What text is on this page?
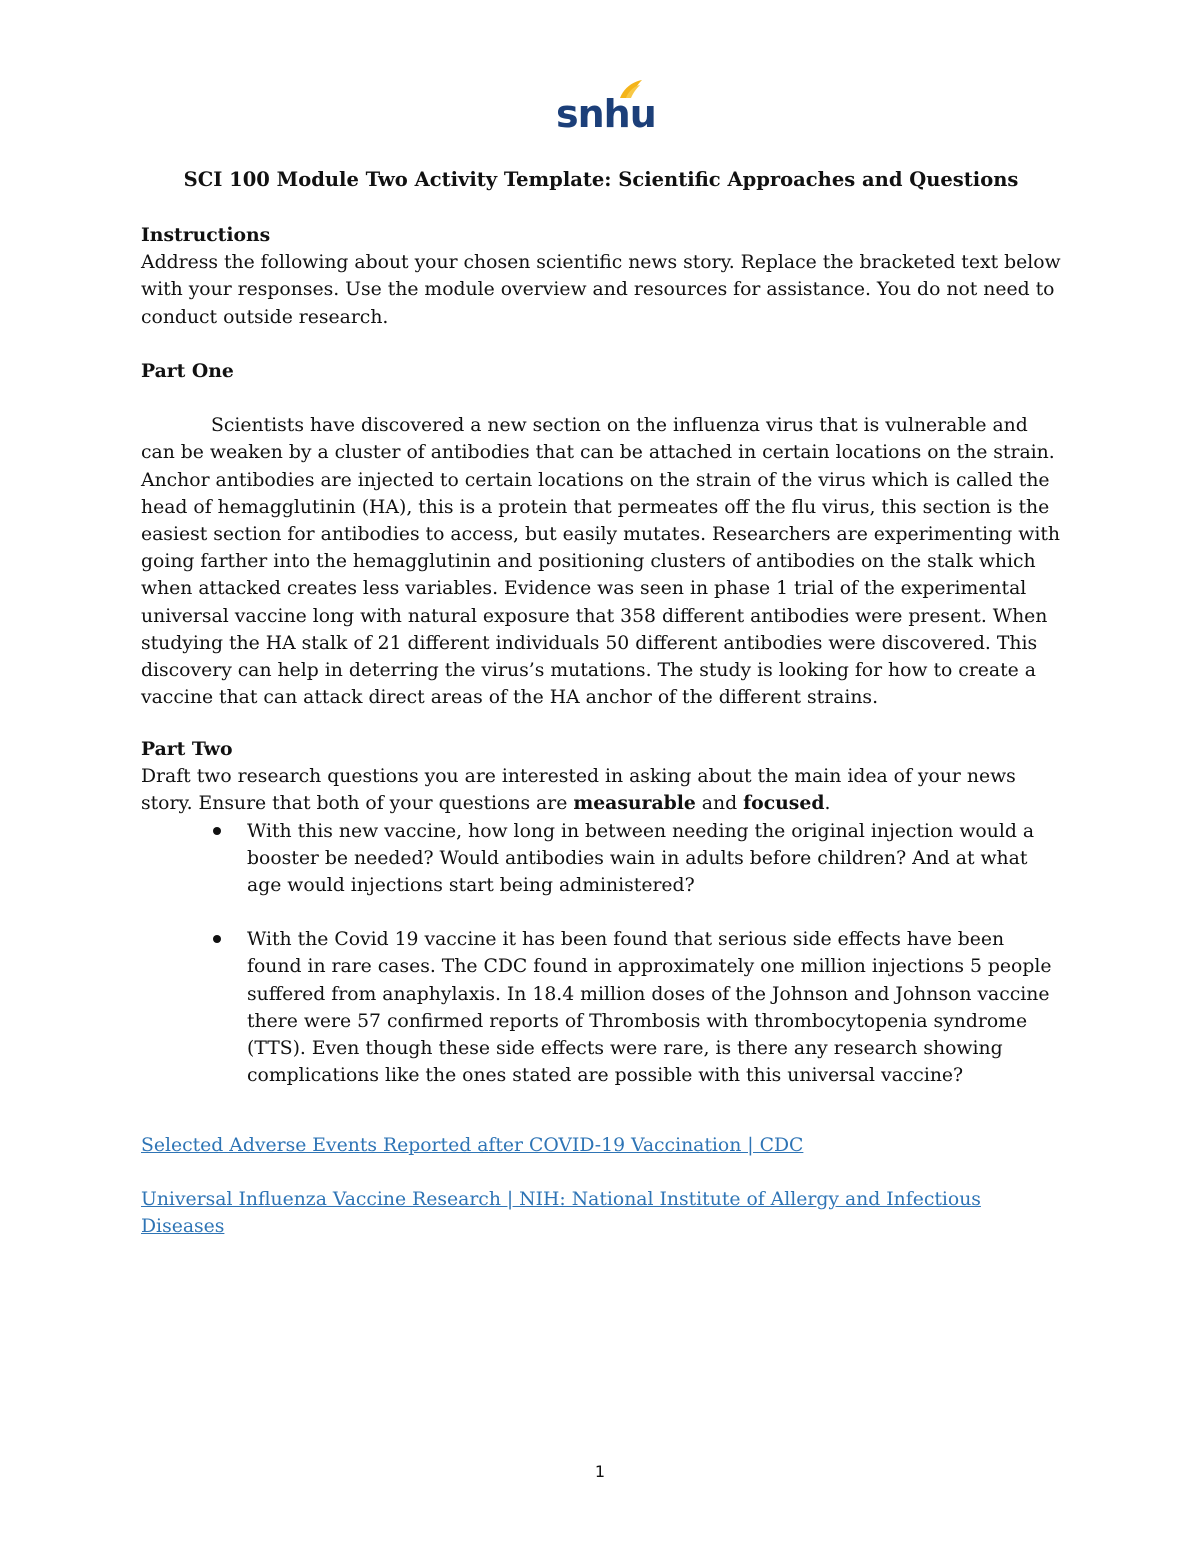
snhu
SCI 100 Module Two Activity Template: Scientific Approaches and Questions

Instructions

Address the following about your chosen scientific news story. Replace the bracketed text below with your responses. Use the module overview and resources for assistance. You do not need to conduct outside research.

Part One

Scientists have discovered a new section on the influenza virus that is vulnerable and can be weaken by a cluster of antibodies that can be attached in certain locations on the strain. Anchor antibodies are injected to certain locations on the strain of the virus which is called the head of hemagglutinin (HA), this is a protein that permeates off the flu virus, this section is the easiest section for antibodies to access, but easily mutates. Researchers are experimenting with going farther into the hemagglutinin and positioning clusters of antibodies on the stalk which when attacked creates less variables. Evidence was seen in phase 1 trial of the experimental universal vaccine long with natural exposure that 358 different antibodies were present. When studying the HA stalk of 21 different individuals 50 different antibodies were discovered. This discovery can help in deterring the virus’s mutations. The study is looking for how to create a vaccine that can attack direct areas of the HA anchor of the different strains.

Part Two

Draft two research questions you are interested in asking about the main idea of your news story. Ensure that both of your questions are measurable and focused.

With this new vaccine, how long in between needing the original injection would a booster be needed? Would antibodies wain in adults before children? And at what age would injections start being administered?
With the Covid 19 vaccine it has been found that serious side effects have been found in rare cases. The CDC found in approximately one million injections 5 people suffered from anaphylaxis. In 18.4 million doses of the Johnson and Johnson vaccine there were 57 confirmed reports of Thrombosis with thrombocytopenia syndrome (TTS). Even though these side effects were rare, is there any research showing complications like the ones stated are possible with this universal vaccine?
Selected Adverse Events Reported after COVID-19 Vaccination | CDC

Universal Influenza Vaccine Research | NIH: National Institute of Allergy and Infectious Diseases
1
